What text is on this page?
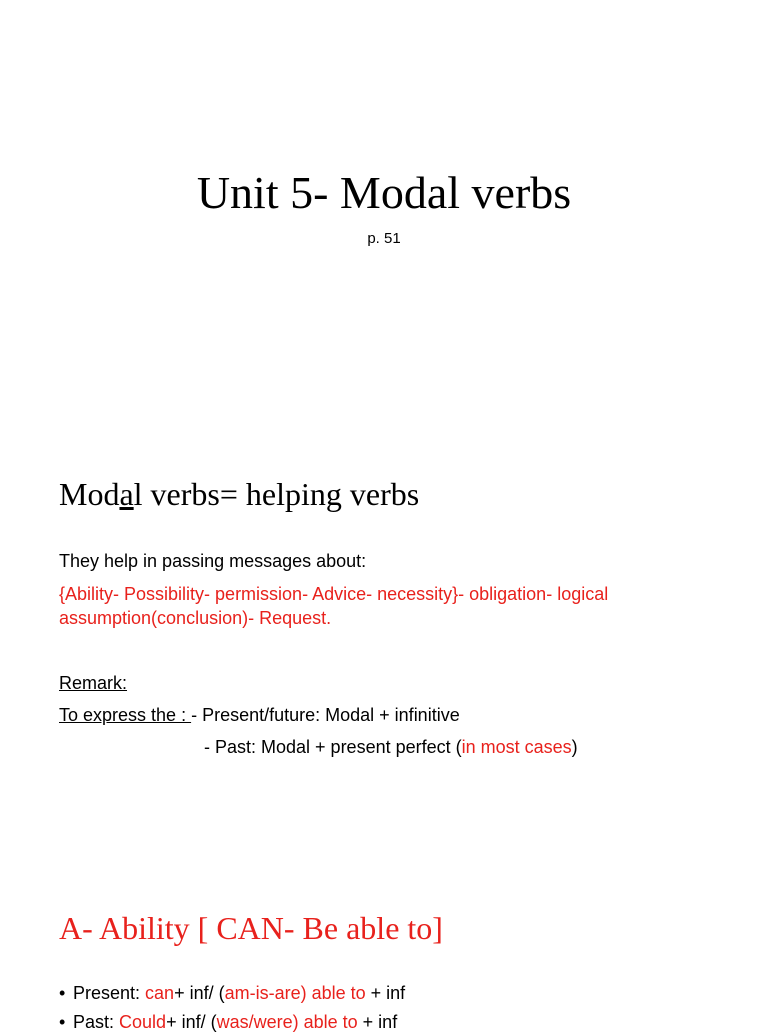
Unit 5- Modal verbs
p. 51
Modal verbs= helping verbs
They help in passing messages about:
{Ability- Possibility- permission- Advice- necessity}- obligation- logical
assumption(conclusion)- Request.
Remark:
To express the : - Present/future: Modal + infinitive
- Past: Modal + present perfect (in most cases)
A- Ability [ CAN- Be able to]
• Present: can+ inf/ (am-is-are) able to + inf
• Past: Could+ inf/ (was/were) able to + inf
